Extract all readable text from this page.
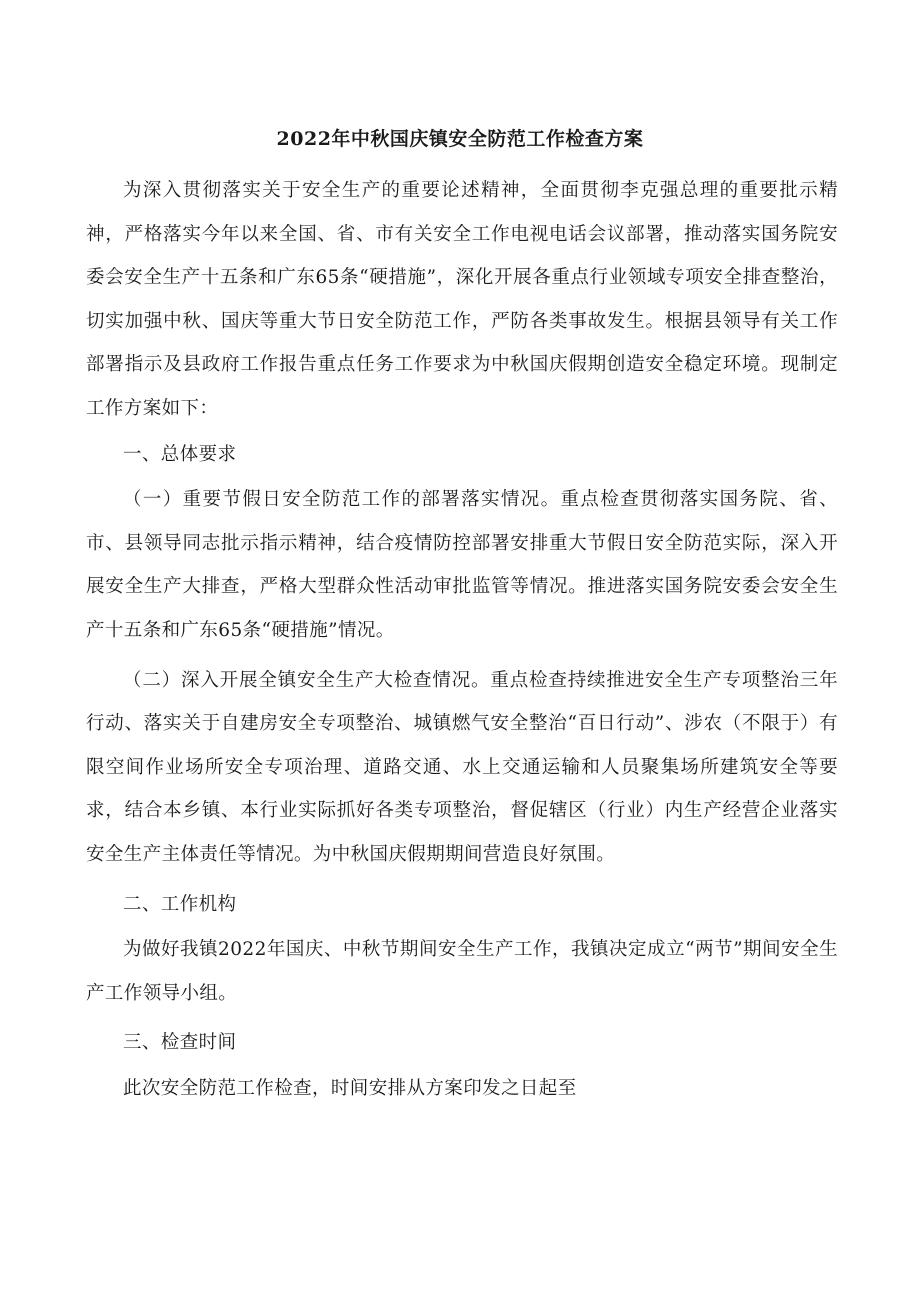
2022年中秋国庆镇安全防范工作检查方案

为深入贯彻落实关于安全生产的重要论述精神，全面贯彻李克强总理的重要批示精神，严格落实今年以来全国、省、市有关安全工作电视电话会议部署，推动落实国务院安委会安全生产十五条和广东65条“硬措施”，深化开展各重点行业领域专项安全排查整治，切实加强中秋、国庆等重大节日安全防范工作，严防各类事故发生。根据县领导有关工作部署指示及县政府工作报告重点任务工作要求为中秋国庆假期创造安全稳定环境。现制定工作方案如下：

一、总体要求

（一）重要节假日安全防范工作的部署落实情况。重点检查贯彻落实国务院、省、市、县领导同志批示指示精神，结合疫情防控部署安排重大节假日安全防范实际，深入开展安全生产大排查，严格大型群众性活动审批监管等情况。推进落实国务院安委会安全生产十五条和广东65条“硬措施”情况。

（二）深入开展全镇安全生产大检查情况。重点检查持续推进安全生产专项整治三年行动、落实关于自建房安全专项整治、城镇燃气安全整治“百日行动”、涉农（不限于）有限空间作业场所安全专项治理、道路交通、水上交通运输和人员聚集场所建筑安全等要求，结合本乡镇、本行业实际抓好各类专项整治，督促辖区（行业）内生产经营企业落实安全生产主体责任等情况。为中秋国庆假期期间营造良好氛围。

二、工作机构

为做好我镇2022年国庆、中秋节期间安全生产工作，我镇决定成立“两节”期间安全生产工作领导小组。

三、检查时间

此次安全防范工作检查，时间安排从方案印发之日起至
